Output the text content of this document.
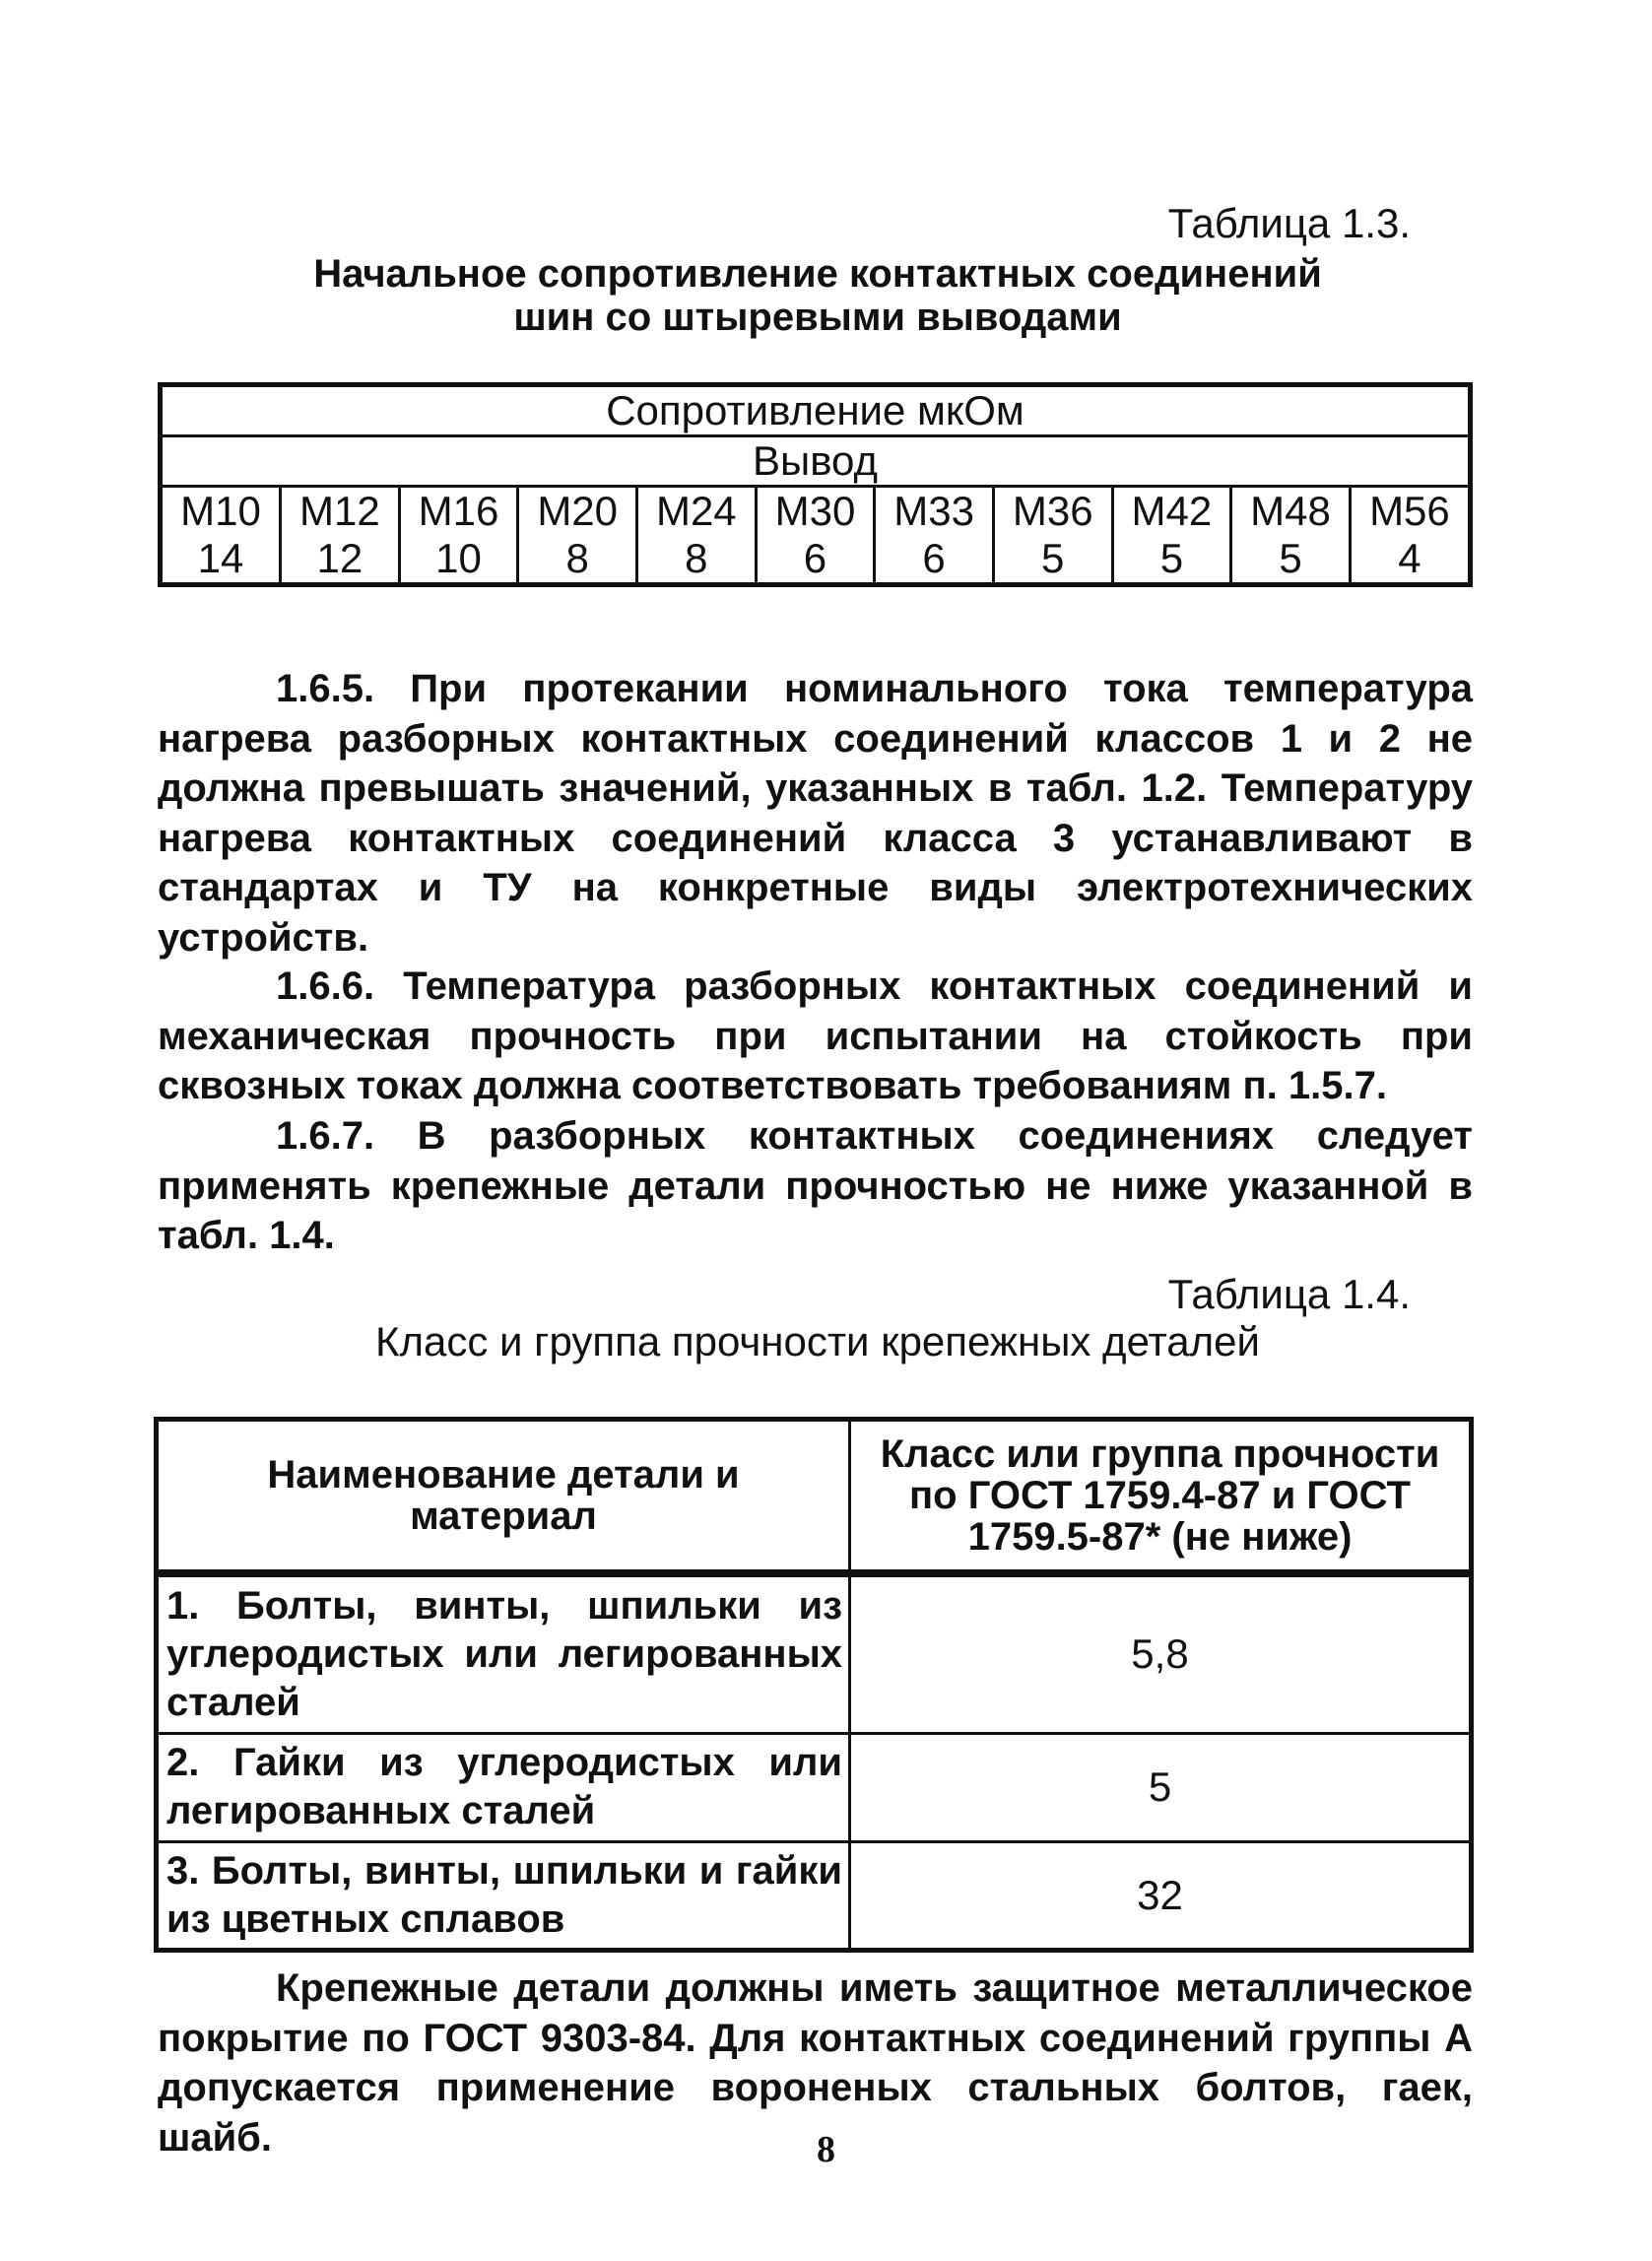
Таблица 1.3.
Начальное сопротивление контактных соединений
шин со штыревыми выводами
Сопротивление мкОм										
Вывод										
М10	М12	М16	М20	М24	М30	М33	М36	М42	М48	М56
14	12	10	8	8	6	6	5	5	5	4
1.6.5. При протекании номинального тока температура нагрева разборных контактных соединений классов 1 и 2 не должна превышать значений, указанных в табл. 1.2. Температуру нагрева контактных соединений класса 3 устанавливают в стандартах и ТУ на конкретные виды электротехнических устройств.
1.6.6. Температура разборных контактных соединений и механическая прочность при испытании на стойкость при сквозных токах должна соответствовать требованиям п. 1.5.7.
1.6.7. В разборных контактных соединениях следует применять крепежные детали прочностью не ниже указанной в табл. 1.4.
Таблица 1.4.
Класс и группа прочности крепежных деталей
Наименование детали и материал	Класс или группа прочности по ГОСТ 1759.4-87 и ГОСТ 1759.5-87* (не ниже)
1. Болты, винты, шпильки из углеродистых или легированных сталей	5,8
2. Гайки из углеродистых или легированных сталей	5
3. Болты, винты, шпильки и гайки из цветных сплавов	32
Крепежные детали должны иметь защитное металлическое покрытие по ГОСТ 9303-84. Для контактных соединений группы А допускается применение вороненых стальных болтов, гаек, шайб.	8
